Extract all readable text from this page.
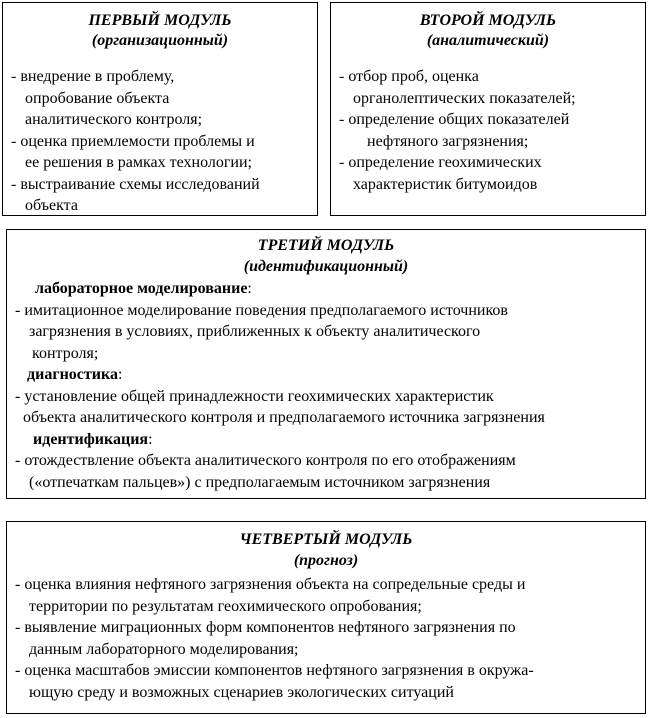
ПЕРВЫЙ МОДУЛЬ
(организационный)
- внедрение в проблему,
опробование объекта
аналитического контроля;
- оценка приемлемости проблемы и
ее решения в рамках технологии;
- выстраивание схемы исследований
объекта
ВТОРОЙ МОДУЛЬ
(аналитический)
- отбор проб, оценка
органолептических показателей;
- определение общих показателей
нефтяного загрязнения;
- определение геохимических
характеристик битумоидов
ТРЕТИЙ МОДУЛЬ
(идентификационный)
лабораторное моделирование:
- имитационное моделирование поведения предполагаемого источников
загрязнения в условиях, приближенных к объекту аналитического
контроля;
диагностика:
- установление общей принадлежности геохимических характеристик
объекта аналитического контроля и предполагаемого источника загрязнения
идентификация:
- отождествление объекта аналитического контроля по его отображениям
(«отпечаткам пальцев») с предполагаемым источником загрязнения
ЧЕТВЕРТЫЙ МОДУЛЬ
(прогноз)
- оценка влияния нефтяного загрязнения объекта на сопредельные среды и
территории по результатам геохимического опробования;
- выявление миграционных форм компонентов нефтяного загрязнения по
данным лабораторного моделирования;
- оценка масштабов эмиссии компонентов нефтяного загрязнения в окружа-
ющую среду и возможных сценариев экологических ситуаций
